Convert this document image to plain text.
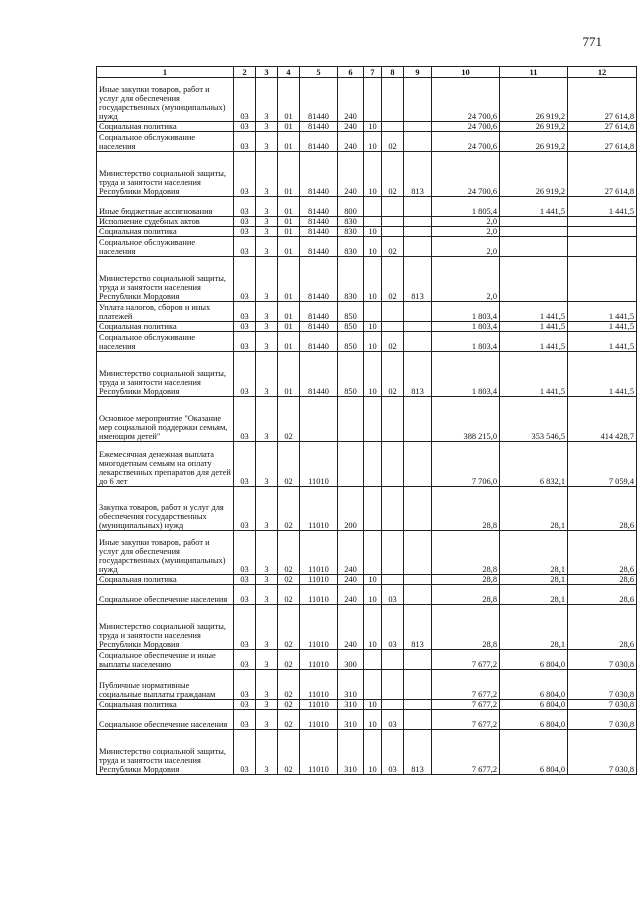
771
1	2	3	4	5	6	7	8	9	10	11	12
Иные закупки товаров, работ и услуг для обеспечения государственных (муниципальных) нужд	03	3	01	81440	240				24 700,6	26 919,2	27 614,8
Социальная политика	03	3	01	81440	240	10			24 700,6	26 919,2	27 614,8
Социальное обслуживание населения	03	3	01	81440	240	10	02		24 700,6	26 919,2	27 614,8
Министерство социальной защиты, труда и занятости населения Республики Мордовия	03	3	01	81440	240	10	02	813	24 700,6	26 919,2	27 614,8
Иные бюджетные ассигнования	03	3	01	81440	800				1 805,4	1 441,5	1 441,5
Исполнение судебных актов	03	3	01	81440	830				2,0		
Социальная политика	03	3	01	81440	830	10			2,0		
Социальное обслуживание населения	03	3	01	81440	830	10	02		2,0		
Министерство социальной защиты, труда и занятости населения Республики Мордовия	03	3	01	81440	830	10	02	813	2,0		
Уплата налогов, сборов и иных платежей	03	3	01	81440	850				1 803,4	1 441,5	1 441,5
Социальная политика	03	3	01	81440	850	10			1 803,4	1 441,5	1 441,5
Социальное обслуживание населения	03	3	01	81440	850	10	02		1 803,4	1 441,5	1 441,5
Министерство социальной защиты, труда и занятости населения Республики Мордовия	03	3	01	81440	850	10	02	813	1 803,4	1 441,5	1 441,5
Основное мероприятие "Оказание мер социальной поддержки семьям, имеющим детей"	03	3	02						388 215,0	353 546,5	414 428,7
Ежемесячная денежная выплата многодетным семьям на оплату лекарственных препаратов для детей до 6 лет	03	3	02	11010					7 706,0	6 832,1	7 059,4
Закупка товаров, работ и услуг для обеспечения государственных (муниципальных) нужд	03	3	02	11010	200				28,8	28,1	28,6
Иные закупки товаров, работ и услуг для обеспечения государственных (муниципальных) нужд	03	3	02	11010	240				28,8	28,1	28,6
Социальная политика	03	3	02	11010	240	10			28,8	28,1	28,6
Социальное обеспечение населения	03	3	02	11010	240	10	03		28,8	28,1	28,6
Министерство социальной защиты, труда и занятости населения Республики Мордовия	03	3	02	11010	240	10	03	813	28,8	28,1	28,6
Социальное обеспечение и иные выплаты населению	03	3	02	11010	300				7 677,2	6 804,0	7 030,8
Публичные нормативные социальные выплаты гражданам	03	3	02	11010	310				7 677,2	6 804,0	7 030,8
Социальная политика	03	3	02	11010	310	10			7 677,2	6 804,0	7 030,8
Социальное обеспечение населения	03	3	02	11010	310	10	03		7 677,2	6 804,0	7 030,8
Министерство социальной защиты, труда и занятости населения Республики Мордовия	03	3	02	11010	310	10	03	813	7 677,2	6 804,0	7 030,8
